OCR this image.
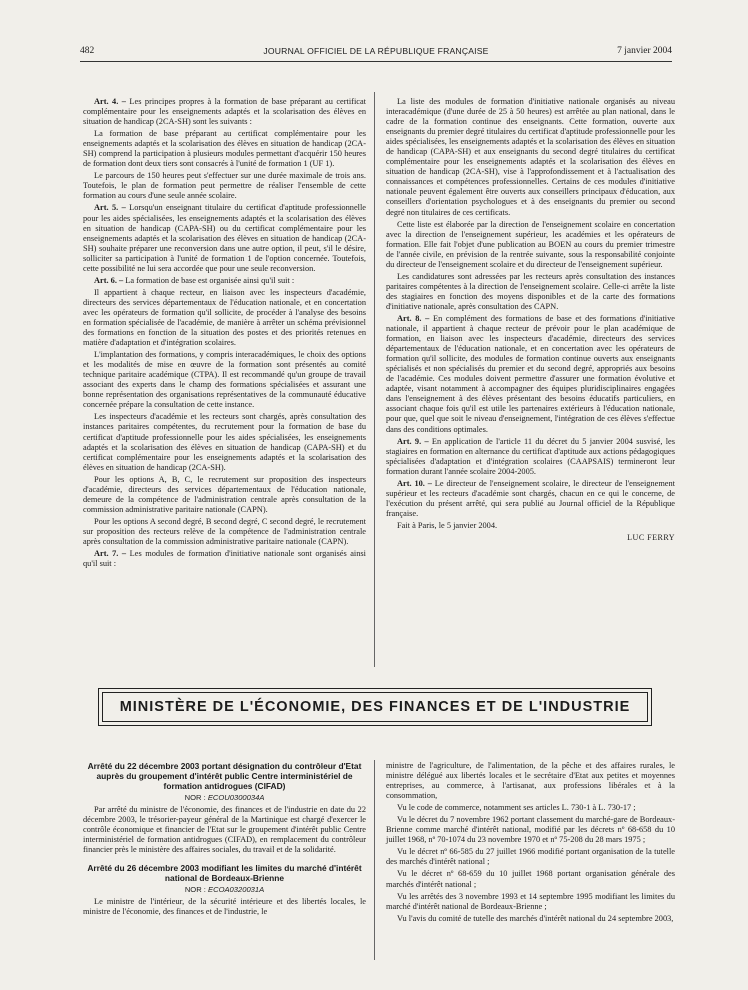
482	JOURNAL OFFICIEL DE LA RÉPUBLIQUE FRANÇAISE	7 janvier 2004

Art. 4. – Les principes propres à la formation de base préparant au certificat complémentaire pour les enseignements adaptés et la scolarisation des élèves en situation de handicap (2CA-SH) sont les suivants :

La formation de base préparant au certificat complémentaire pour les enseignements adaptés et la scolarisation des élèves en situation de handicap (2CA-SH) comprend la participation à plusieurs modules permettant d'acquérir 150 heures de formation dont deux tiers sont consacrés à l'unité de formation 1 (UF 1).

Le parcours de 150 heures peut s'effectuer sur une durée maximale de trois ans. Toutefois, le plan de formation peut permettre de réaliser l'ensemble de cette formation au cours d'une seule année scolaire.

Art. 5. – Lorsqu'un enseignant titulaire du certificat d'aptitude professionnelle pour les aides spécialisées, les enseignements adaptés et la scolarisation des élèves en situation de handicap (CAPA-SH) ou du certificat complémentaire pour les enseignements adaptés et la scolarisation des élèves en situation de handicap (2CA-SH) souhaite préparer une reconversion dans une autre option, il peut, s'il le désire, solliciter sa participation à l'unité de formation 1 de l'option concernée. Toutefois, cette possibilité ne lui sera accordée que pour une seule reconversion.

Art. 6. – La formation de base est organisée ainsi qu'il suit :

Il appartient à chaque recteur, en liaison avec les inspecteurs d'académie, directeurs des services départementaux de l'éducation nationale, et en concertation avec les opérateurs de formation qu'il sollicite, de procéder à l'analyse des besoins en formation spécialisée de l'académie, de manière à arrêter un schéma prévisionnel des formations en fonction de la situation des postes et des priorités retenues en matière d'adaptation et d'intégration scolaires.

L'implantation des formations, y compris interacadémiques, le choix des options et les modalités de mise en œuvre de la formation sont présentés au comité technique paritaire académique (CTPA). Il est recommandé qu'un groupe de travail associant des experts dans le champ des formations spécialisées et assurant une bonne représentation des organisations représentatives de la communauté éducative concernée prépare la consultation de cette instance.

Les inspecteurs d'académie et les recteurs sont chargés, après consultation des instances paritaires compétentes, du recrutement pour la formation de base du certificat d'aptitude professionnelle pour les aides spécialisées, les enseignements adaptés et la scolarisation des élèves en situation de handicap (CAPA-SH) et du certificat complémentaire pour les enseignements adaptés et la scolarisation des élèves en situation de handicap (2CA-SH).

Pour les options A, B, C, le recrutement sur proposition des inspecteurs d'académie, directeurs des services départementaux de l'éducation nationale, demeure de la compétence de l'administration centrale après consultation de la commission administrative paritaire nationale (CAPN).

Pour les options A second degré, B second degré, C second degré, le recrutement sur proposition des recteurs relève de la compétence de l'administration centrale après consultation de la commission administrative paritaire nationale (CAPN).

Art. 7. – Les modules de formation d'initiative nationale sont organisés ainsi qu'il suit :

La liste des modules de formation d'initiative nationale organisés au niveau interacadémique (d'une durée de 25 à 50 heures) est arrêtée au plan national, dans le cadre de la formation continue des enseignants. Cette formation, ouverte aux enseignants du premier degré titulaires du certificat d'aptitude professionnelle pour les aides spécialisées, les enseignements adaptés et la scolarisation des élèves en situation de handicap (CAPA-SH) et aux enseignants du second degré titulaires du certificat complémentaire pour les enseignements adaptés et la scolarisation des élèves en situation de handicap (2CA-SH), vise à l'approfondissement et à l'actualisation des connaissances et compétences professionnelles. Certains de ces modules d'initiative nationale peuvent également être ouverts aux conseillers principaux d'éducation, aux conseillers d'orientation psychologues et à des enseignants du premier ou second degré non titulaires de ces certificats.

Cette liste est élaborée par la direction de l'enseignement scolaire en concertation avec la direction de l'enseignement supérieur, les académies et les opérateurs de formation. Elle fait l'objet d'une publication au BOEN au cours du premier trimestre de l'année civile, en prévision de la rentrée suivante, sous la responsabilité conjointe du directeur de l'enseignement scolaire et du directeur de l'enseignement supérieur.

Les candidatures sont adressées par les recteurs après consultation des instances paritaires compétentes à la direction de l'enseignement scolaire. Celle-ci arrête la liste des stagiaires en fonction des moyens disponibles et de la carte des formations d'initiative nationale, après consultation des CAPN.

Art. 8. – En complément des formations de base et des formations d'initiative nationale, il appartient à chaque recteur de prévoir pour le plan académique de formation, en liaison avec les inspecteurs d'académie, directeurs des services départementaux de l'éducation nationale, et en concertation avec les opérateurs de formation qu'il sollicite, des modules de formation continue ouverts aux enseignants spécialisés et non spécialisés du premier et du second degré, appropriés aux besoins de l'académie. Ces modules doivent permettre d'assurer une formation évolutive et adaptée, visant notamment à accompagner des équipes pluridisciplinaires engagées dans l'enseignement à des élèves présentant des besoins éducatifs particuliers, en associant chaque fois qu'il est utile les partenaires extérieurs à l'éducation nationale, pour que, quel que soit le niveau d'enseignement, l'intégration de ces élèves s'effectue dans des conditions optimales.

Art. 9. – En application de l'article 11 du décret du 5 janvier 2004 susvisé, les stagiaires en formation en alternance du certificat d'aptitude aux actions pédagogiques spécialisées d'adaptation et d'intégration scolaires (CAAPSAIS) termineront leur formation durant l'année scolaire 2004-2005.

Art. 10. – Le directeur de l'enseignement scolaire, le directeur de l'enseignement supérieur et les recteurs d'académie sont chargés, chacun en ce qui le concerne, de l'exécution du présent arrêté, qui sera publié au Journal officiel de la République française.

Fait à Paris, le 5 janvier 2004.

LUC FERRY

MINISTÈRE DE L'ÉCONOMIE, DES FINANCES ET DE L'INDUSTRIE

Arrêté du 22 décembre 2003 portant désignation du contrôleur d'Etat auprès du groupement d'intérêt public Centre interministériel de formation antidrogues (CIFAD)

NOR : ECOU0300034A

Par arrêté du ministre de l'économie, des finances et de l'industrie en date du 22 décembre 2003, le trésorier-payeur général de la Martinique est chargé d'exercer le contrôle économique et financier de l'Etat sur le groupement d'intérêt public Centre interministériel de formation antidrogues (CIFAD), en remplacement du contrôleur financier près le ministère des affaires sociales, du travail et de la solidarité.

Arrêté du 26 décembre 2003 modifiant les limites du marché d'intérêt national de Bordeaux-Brienne

NOR : ECOA0320031A

Le ministre de l'intérieur, de la sécurité intérieure et des libertés locales, le ministre de l'économie, des finances et de l'industrie, le

ministre de l'agriculture, de l'alimentation, de la pêche et des affaires rurales, le ministre délégué aux libertés locales et le secrétaire d'Etat aux petites et moyennes entreprises, au commerce, à l'artisanat, aux professions libérales et à la consommation,

Vu le code de commerce, notamment ses articles L. 730-1 à L. 730-17 ;

Vu le décret du 7 novembre 1962 portant classement du marché-gare de Bordeaux-Brienne comme marché d'intérêt national, modifié par les décrets nº 68-658 du 10 juillet 1968, nº 70-1074 du 23 novembre 1970 et nº 75-208 du 28 mars 1975 ;

Vu le décret nº 66-585 du 27 juillet 1966 modifié portant organisation de la tutelle des marchés d'intérêt national ;

Vu le décret nº 68-659 du 10 juillet 1968 portant organisation générale des marchés d'intérêt national ;

Vu les arrêtés des 3 novembre 1993 et 14 septembre 1995 modifiant les limites du marché d'intérêt national de Bordeaux-Brienne ;

Vu l'avis du comité de tutelle des marchés d'intérêt national du 24 septembre 2003,
